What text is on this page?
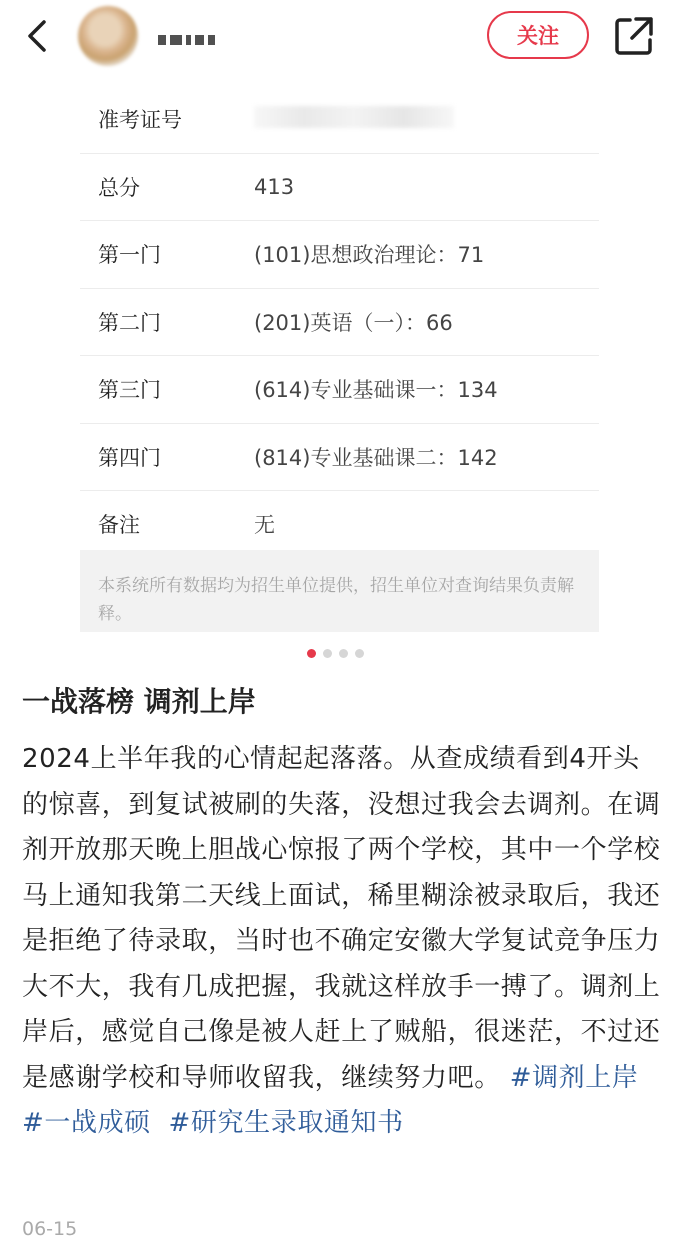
关注
准考证号
总分	413
第一门	(101)思想政治理论：71
第二门	(201)英语（一）：66
第三门	(614)专业基础课一：134
第四门	(814)专业基础课二：142
备注	无
本系统所有数据均为招生单位提供，招生单位对查询结果负责解释。
一战落榜 调剂上岸
2024上半年我的心情起起落落。从查成绩看到4开头的惊喜，到复试被刷的失落，没想过我会去调剂。在调剂开放那天晚上胆战心惊报了两个学校，其中一个学校马上通知我第二天线上面试，稀里糊涂被录取后，我还是拒绝了待录取，当时也不确定安徽大学复试竞争压力大不大，我有几成把握，我就这样放手一搏了。调剂上岸后，感觉自己像是被人赶上了贼船，很迷茫，不过还是感谢学校和导师收留我，继续努力吧。 #调剂上岸
#一战成硕 #研究生录取通知书
06-15
